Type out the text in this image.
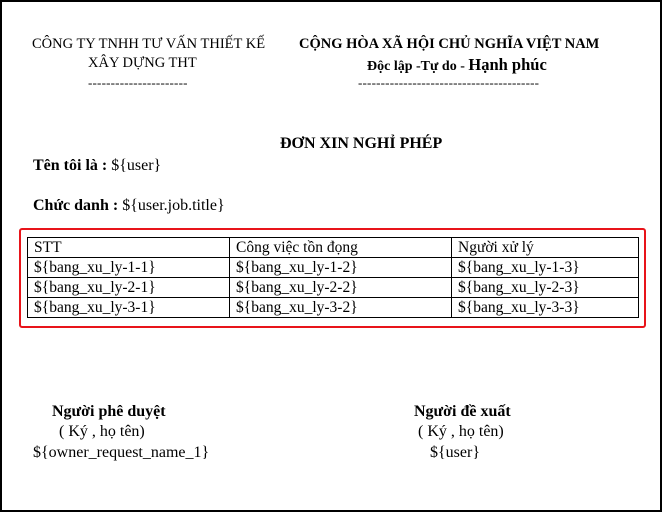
CÔNG TY TNHH TƯ VẤN THIẾT KẾ
XÂY DỰNG THT
----------------------
CỘNG HÒA XÃ HỘI CHỦ NGHĨA VIỆT NAM
Độc lập -Tự do - Hạnh phúc
----------------------------------------
ĐƠN XIN NGHỈ PHÉP
Tên tôi là : ${user}
Chức danh : ${user.job.title}
STT	Công việc tồn đọng	Người xử lý
${bang_xu_ly-1-1}	${bang_xu_ly-1-2}	${bang_xu_ly-1-3}
${bang_xu_ly-2-1}	${bang_xu_ly-2-2}	${bang_xu_ly-2-3}
${bang_xu_ly-3-1}	${bang_xu_ly-3-2}	${bang_xu_ly-3-3}
Người phê duyệt
( Ký , họ tên)
${owner_request_name_1}
Người đề xuất
( Ký , họ tên)
${user}
